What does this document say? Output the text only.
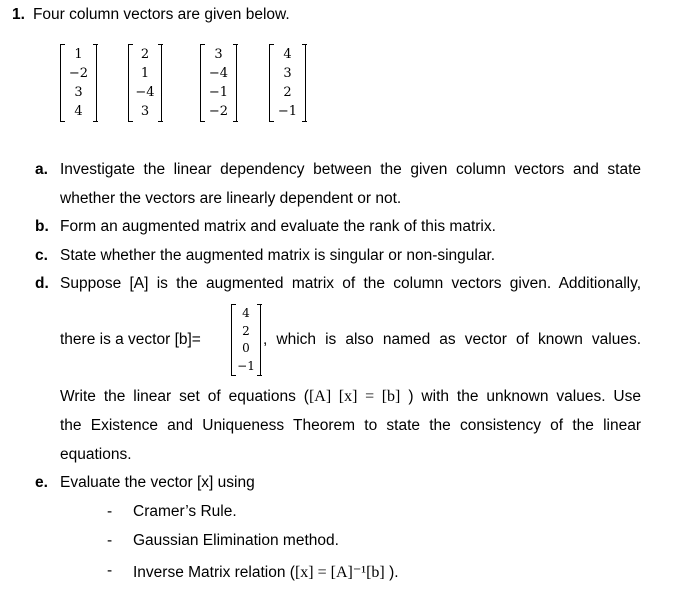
1. Four column vectors are given below.
1
−2
3
4
2
1
−4
3
3
−4
−1
−2
4
3
2
−1
a. Investigate the linear dependency between the given column vectors and state
whether the vectors are linearly dependent or not.
b. Form an augmented matrix and evaluate the rank of this matrix.
c. State whether the augmented matrix is singular or non-singular.
d. Suppose [A] is the augmented matrix of the column vectors given. Additionally,
there is a vector [b]=
4
2
0
−1
, which is also named as vector of known values.
Write the linear set of equations ([A] [x] = [b] ) with the unknown values. Use
the Existence and Uniqueness Theorem to state the consistency of the linear
equations.
e. Evaluate the vector [x] using
- Cramer’s Rule.
- Gaussian Elimination method.
- Inverse Matrix relation ([x] = [A]⁻¹[b] ).
